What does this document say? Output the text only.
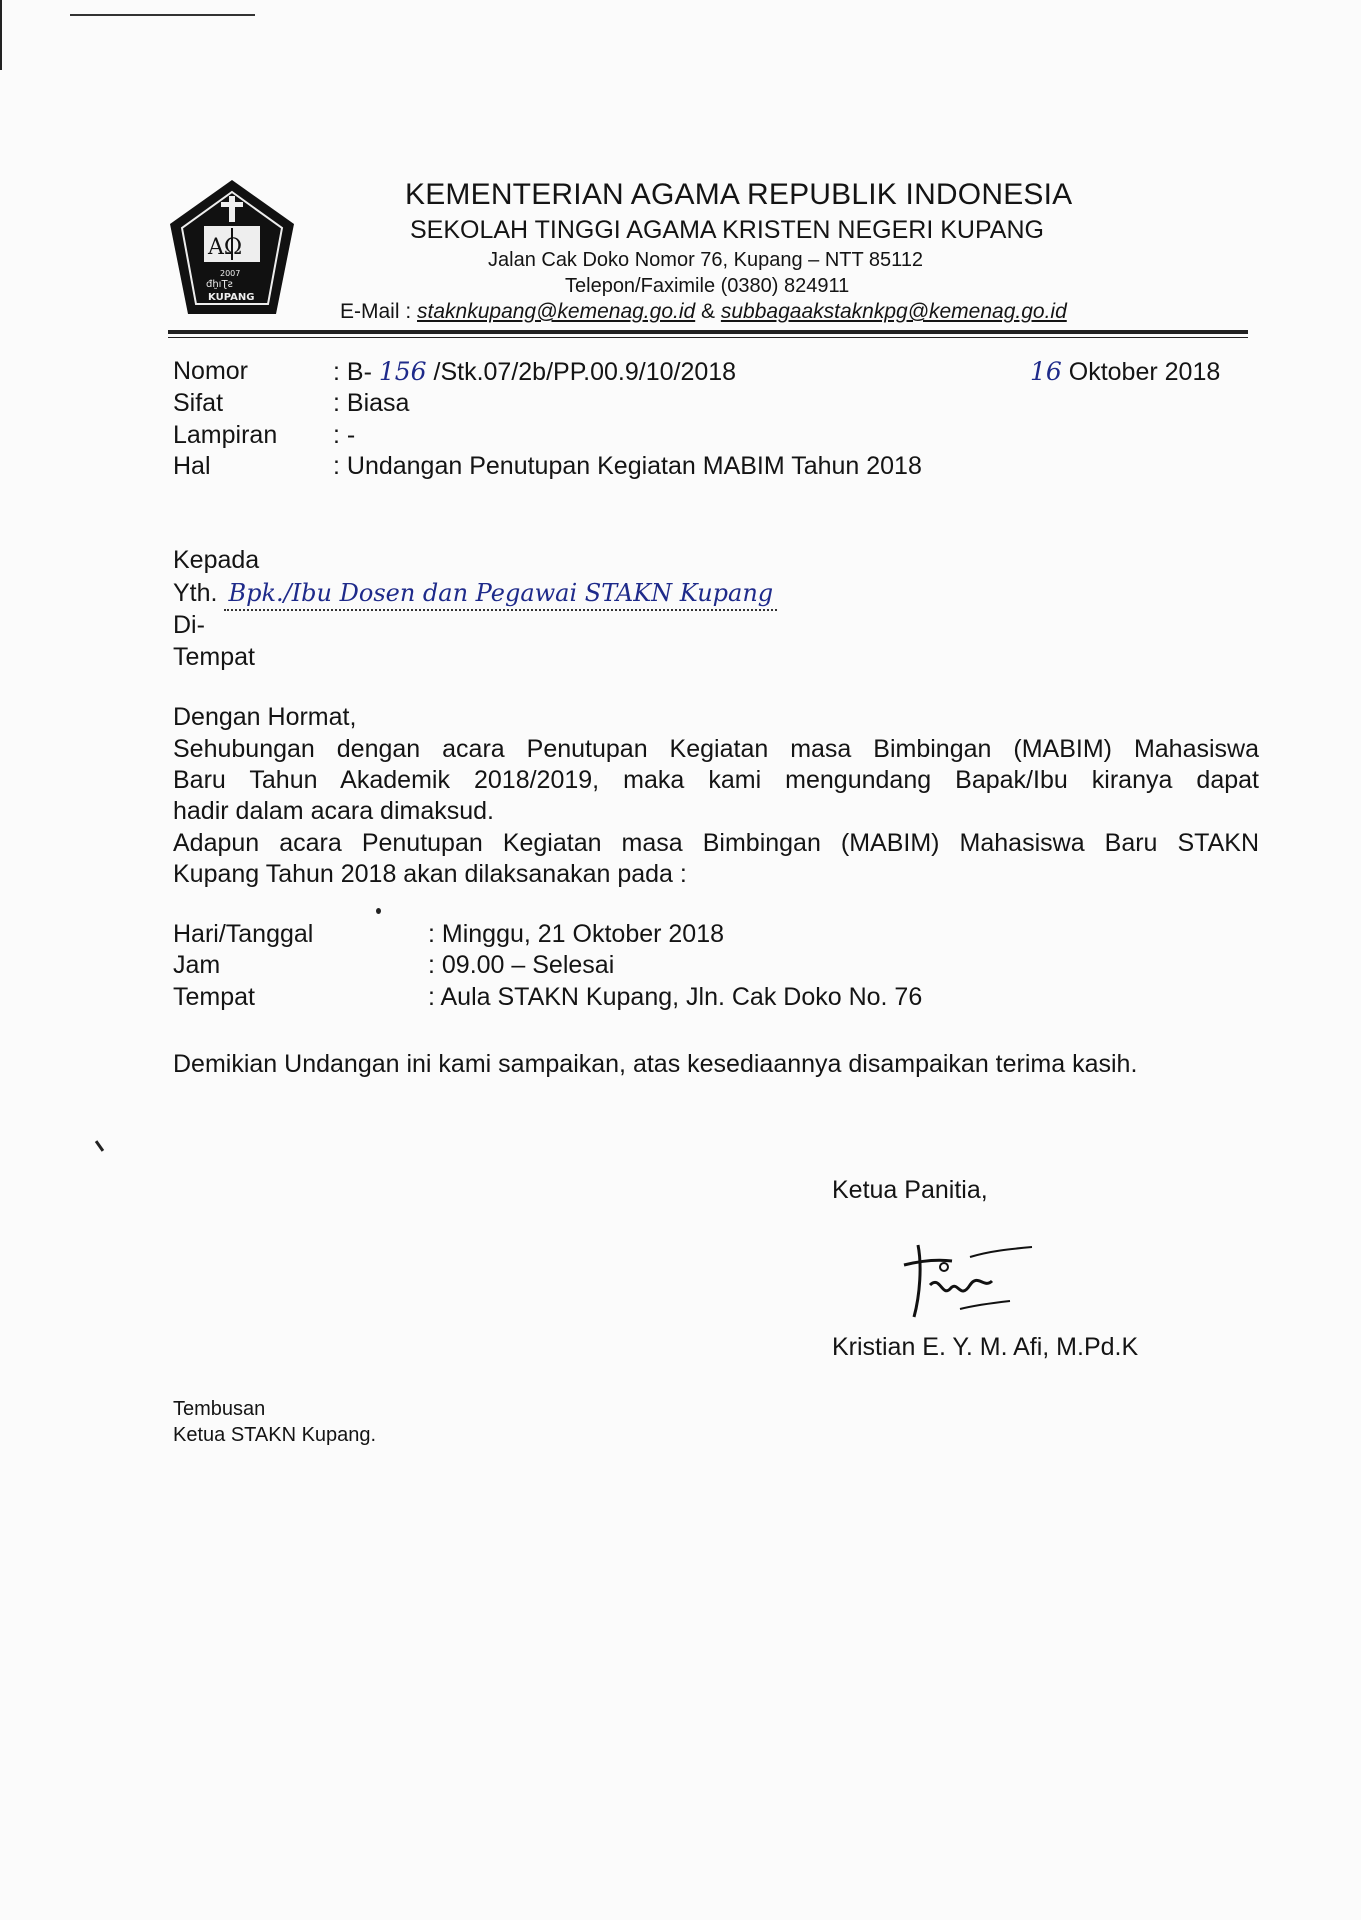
AΩ
2007
đḫıƮƨ
KUPANG
KEMENTERIAN AGAMA REPUBLIK INDONESIA
SEKOLAH TINGGI AGAMA KRISTEN NEGERI KUPANG
Jalan Cak Doko Nomor 76, Kupang – NTT 85112
Telepon/Faximile (0380) 824911
E-Mail : staknkupang@kemenag.go.id & subbagaakstaknkpg@kemenag.go.id
Nomor	: B- 156 /Stk.07/2b/PP.00.9/10/2018	16 Oktober 2018
Sifat	: Biasa
Lampiran : -
Hal	: Undangan Penutupan Kegiatan MABIM Tahun 2018
Kepada
Yth. Bpk./Ibu Dosen dan Pegawai STAKN Kupang
Di-
Tempat
Dengan Hormat,
Sehubungan dengan acara Penutupan Kegiatan masa Bimbingan (MABIM) Mahasiswa
Baru Tahun Akademik 2018/2019, maka kami mengundang Bapak/Ibu kiranya dapat
hadir dalam acara dimaksud.
Adapun acara Penutupan Kegiatan masa Bimbingan (MABIM) Mahasiswa Baru STAKN
Kupang Tahun 2018 akan dilaksanakan pada :
Hari/Tanggal	: Minggu, 21 Oktober 2018
Jam	: 09.00 – Selesai
Tempat	: Aula STAKN Kupang, Jln. Cak Doko No. 76
Demikian Undangan ini kami sampaikan, atas kesediaannya disampaikan terima kasih.
Ketua Panitia,
Kristian E. Y. M. Afi, M.Pd.K
Tembusan
Ketua STAKN Kupang.
